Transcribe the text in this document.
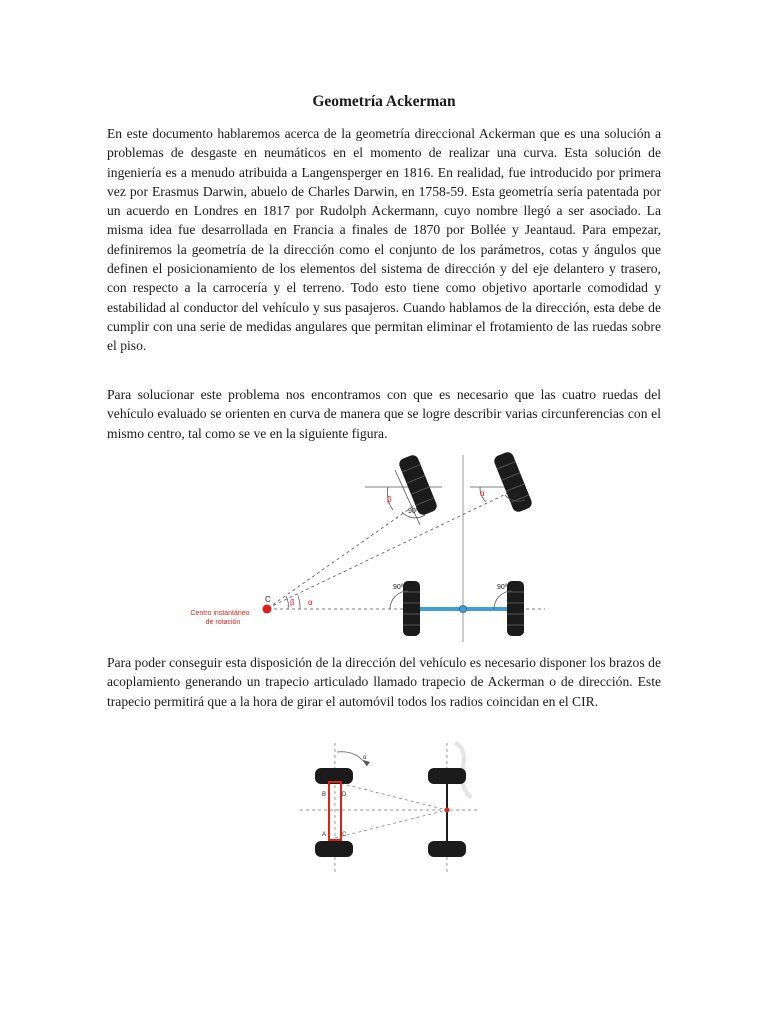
Geometría Ackerman

En este documento hablaremos acerca de la geometría direccional Ackerman que es una solución a problemas de desgaste en neumáticos en el momento de realizar una curva. Esta solución de ingeniería es a menudo atribuida a Langensperger en 1816. En realidad, fue introducido por primera vez por Erasmus Darwin, abuelo de Charles Darwin, en 1758-59. Esta geometría sería patentada por un acuerdo en Londres en 1817 por Rudolph Ackermann, cuyo nombre llegó a ser asociado. La misma idea fue desarrollada en Francia a finales de 1870 por Bollée y Jeantaud. Para empezar, definiremos la geometría de la dirección como el conjunto de los parámetros, cotas y ángulos que definen el posicionamiento de los elementos del sistema de dirección y del eje delantero y trasero, con respecto a la carrocería y el terreno. Todo esto tiene como objetivo aportarle comodidad y estabilidad al conductor del vehículo y sus pasajeros. Cuando hablamos de la dirección, esta debe de cumplir con una serie de medidas angulares que permitan eliminar el frotamiento de las ruedas sobre el piso.

Para solucionar este problema nos encontramos con que es necesario que las cuatro ruedas del vehículo evaluado se orienten en curva de manera que se logre describir varias circunferencias con el mismo centro, tal como se ve en la siguiente figura.

β
α
90º
90º
90º	90º
α
β
C
Centro instantáneo
de rotación

Para poder conseguir esta disposición de la dirección del vehículo es necesario disponer los brazos de acoplamiento generando un trapecio articulado llamado trapecio de Ackerman o de dirección. Este trapecio permitirá que a la hora de girar el automóvil todos los radios coincidan en el CIR.

α
B	D
A	C
